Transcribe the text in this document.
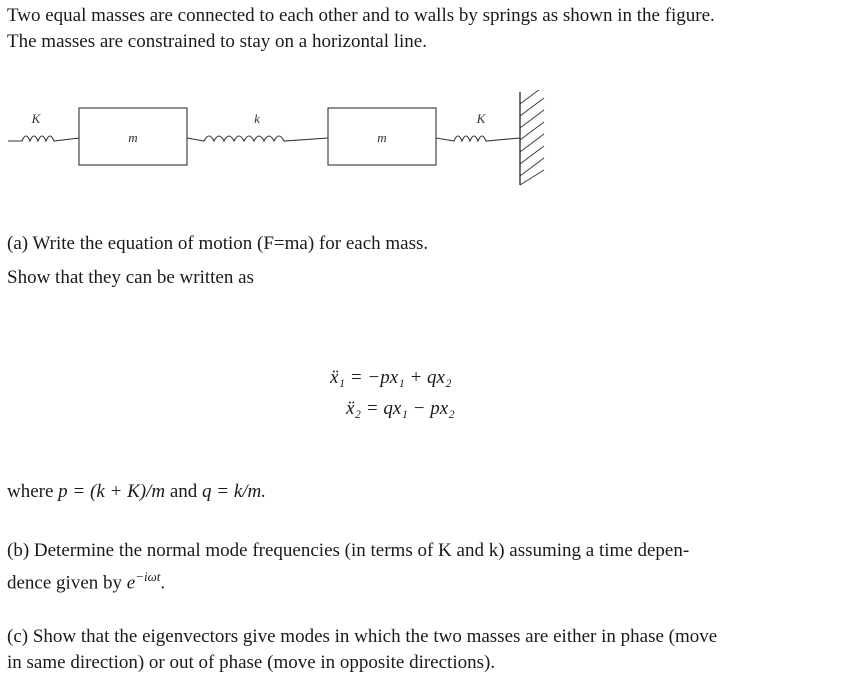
Two equal masses are connected to each other and to walls by springs as shown in the figure.

The masses are constrained to stay on a horizontal line.

K	k	K
m	m

(a) Write the equation of motion (F=ma) for each mass.

Show that they can be written as

ẍ₁ = −px₁ + qx₂
ẍ₂ = qx₁ − px₂

where p = (k + K)/m and q = k/m.

(b) Determine the normal mode frequencies (in terms of K and k) assuming a time depen-

dence given by $e^{-i\omega t}$.

(c) Show that the eigenvectors give modes in which the two masses are either in phase (move

in same direction) or out of phase (move in opposite directions).
